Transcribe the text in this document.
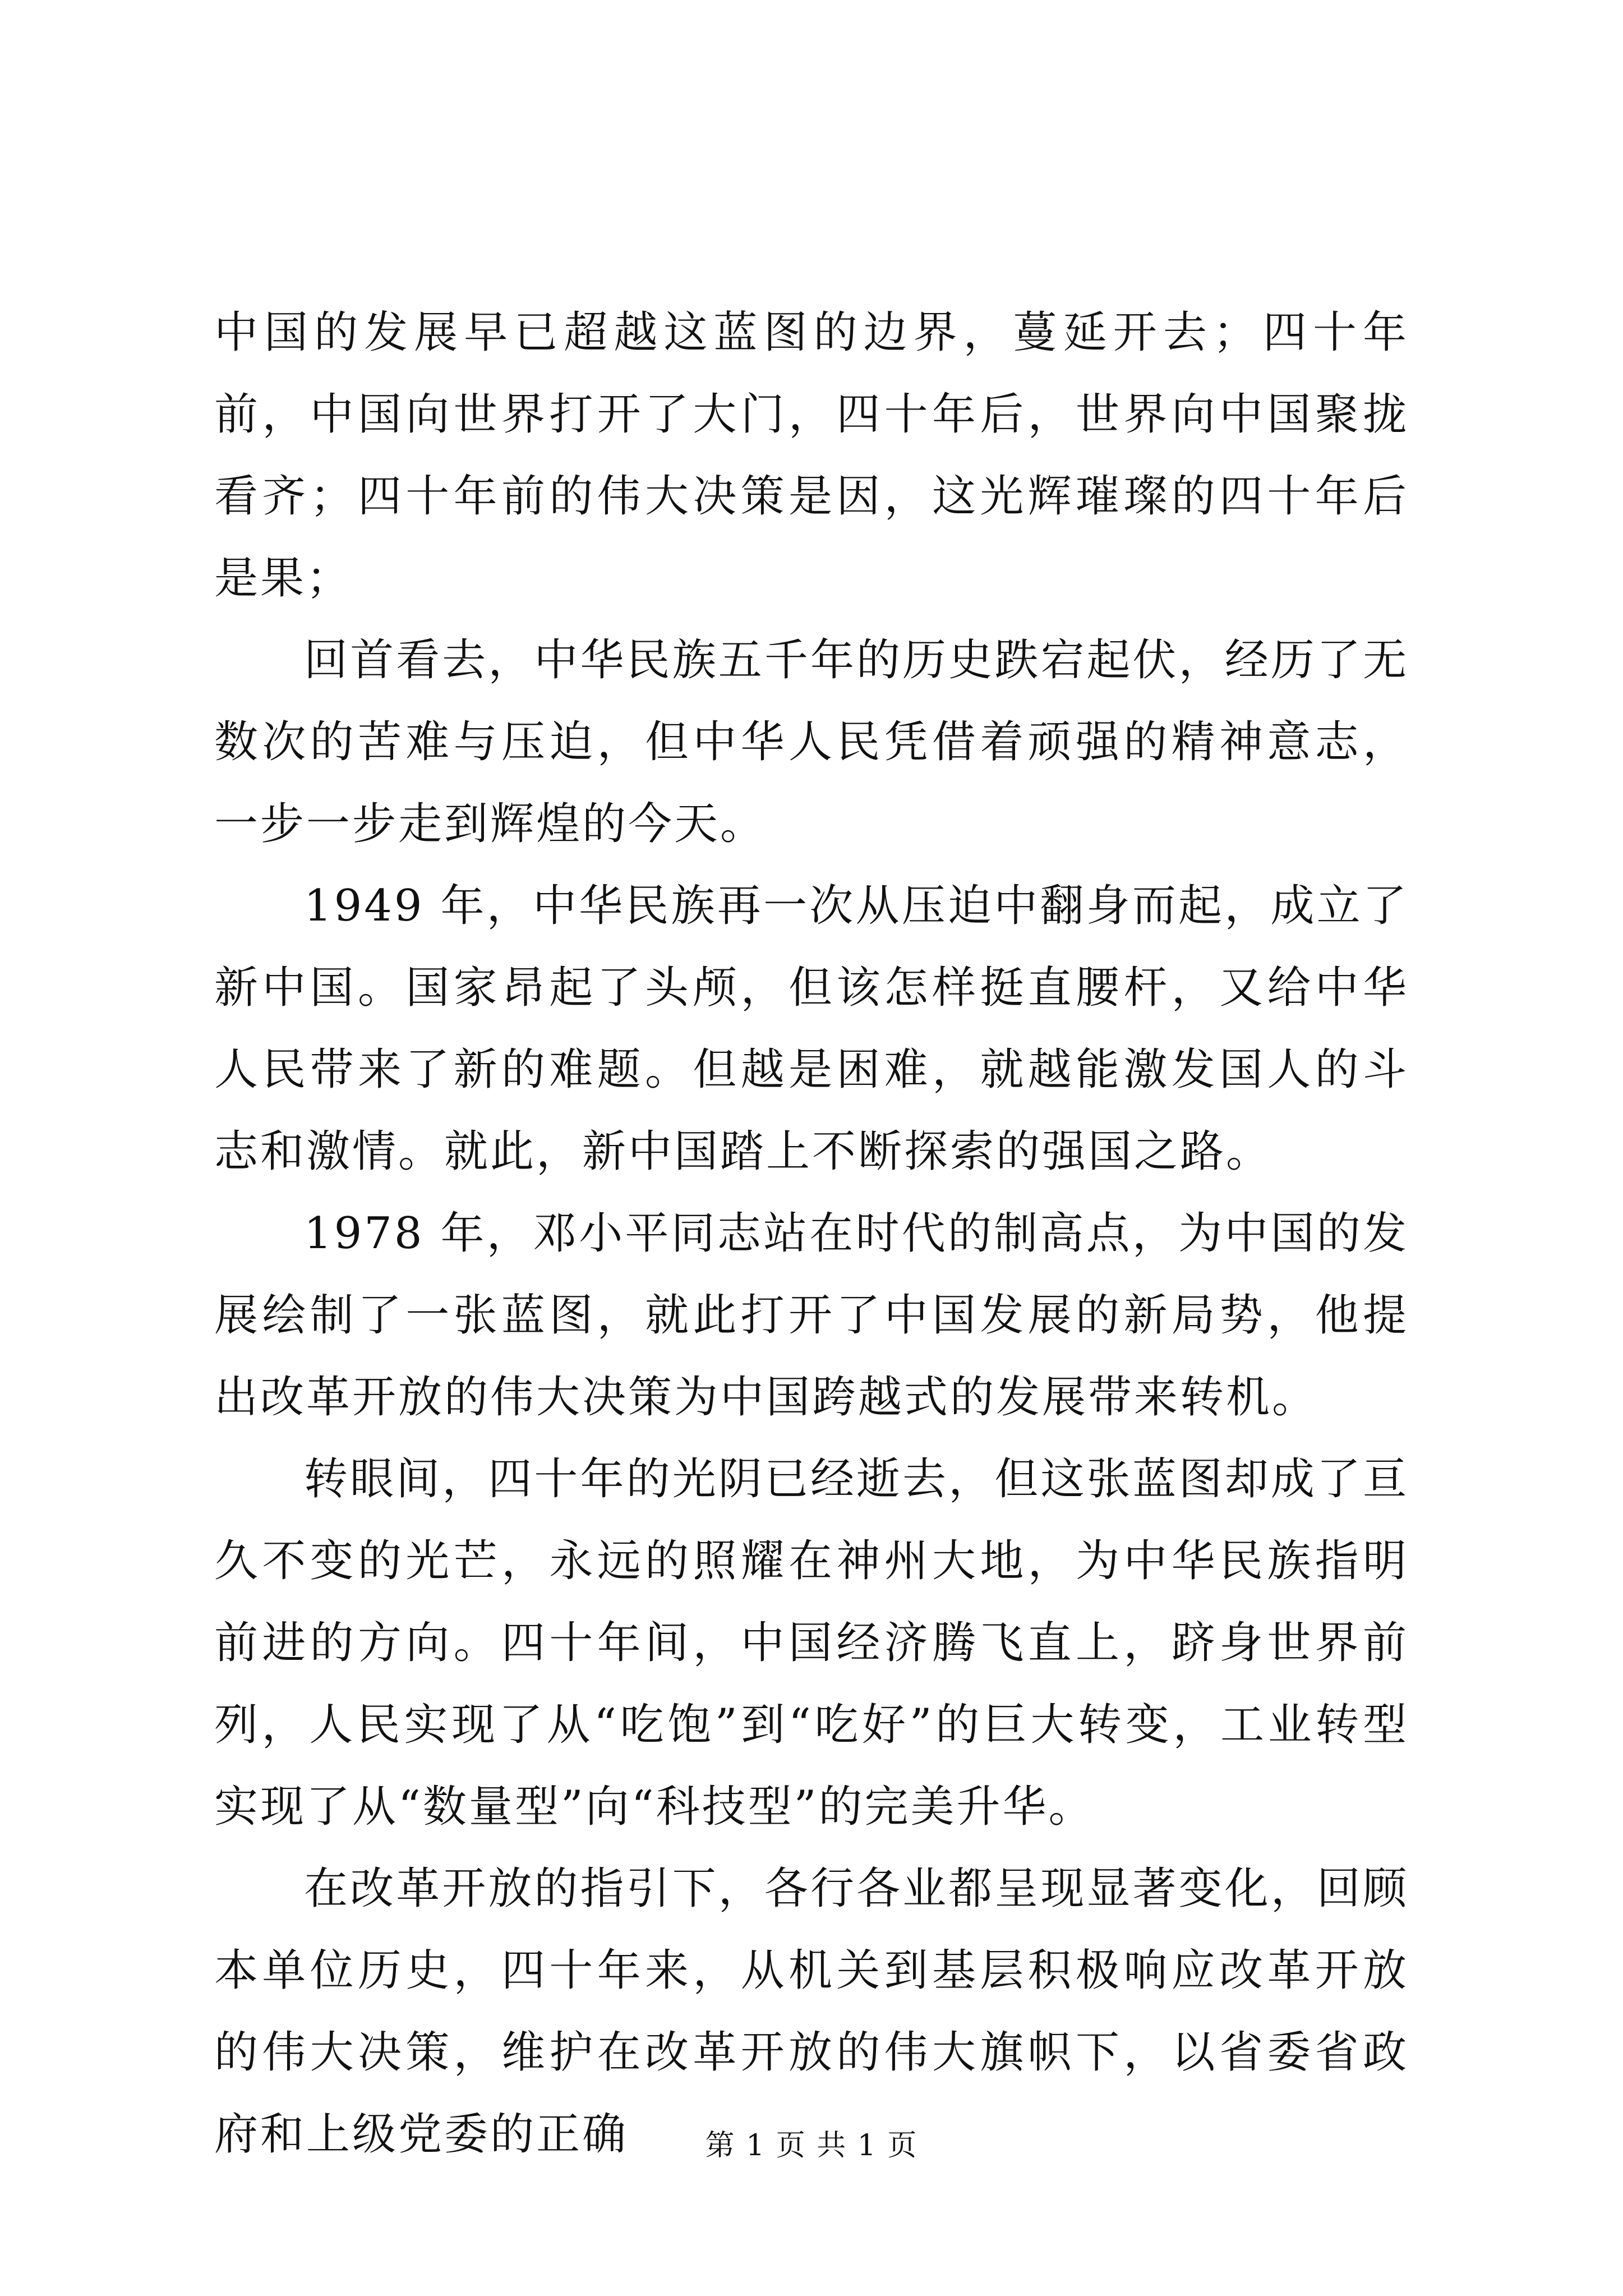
中国的发展早已超越这蓝图的边界，蔓延开去；四十年前，中国向世界打开了大门，四十年后，世界向中国聚拢看齐；四十年前的伟大决策是因，这光辉璀璨的四十年后是果；

回首看去，中华民族五千年的历史跌宕起伏，经历了无数次的苦难与压迫，但中华人民凭借着顽强的精神意志，一步一步走到辉煌的今天。

1949 年，中华民族再一次从压迫中翻身而起，成立了新中国。国家昂起了头颅，但该怎样挺直腰杆，又给中华人民带来了新的难题。但越是困难，就越能激发国人的斗志和激情。就此，新中国踏上不断探索的强国之路。

1978 年，邓小平同志站在时代的制高点，为中国的发展绘制了一张蓝图，就此打开了中国发展的新局势，他提出改革开放的伟大决策为中国跨越式的发展带来转机。

转眼间，四十年的光阴已经逝去，但这张蓝图却成了亘久不变的光芒，永远的照耀在神州大地，为中华民族指明前进的方向。四十年间，中国经济腾飞直上，跻身世界前列，人民实现了从“吃饱”到“吃好”的巨大转变，工业转型实现了从“数量型”向“科技型”的完美升华。

在改革开放的指引下，各行各业都呈现显著变化，回顾本单位历史，四十年来，从机关到基层积极响应改革开放的伟大决策，维护在改革开放的伟大旗帜下，以省委省政府和上级党委的正确	第 1 页 共 1 页
